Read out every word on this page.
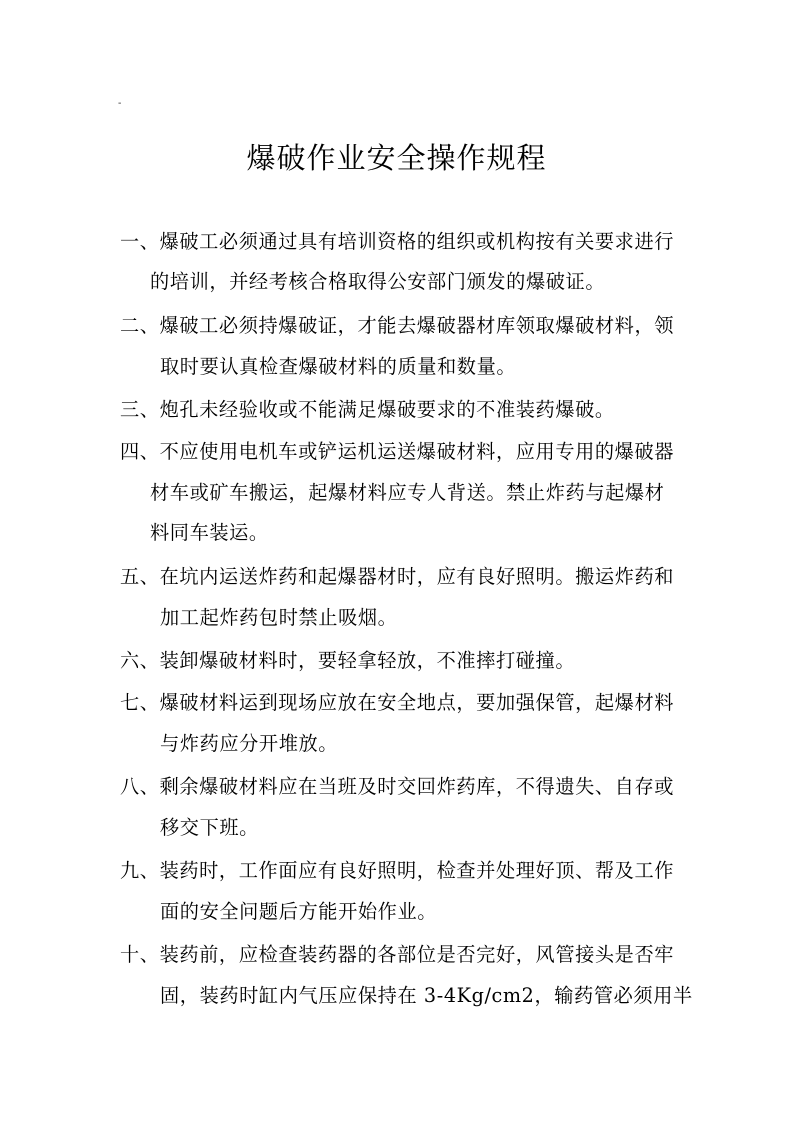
-
爆破作业安全操作规程
一、爆破工必须通过具有培训资格的组织或机构按有关要求进行
的培训，并经考核合格取得公安部门颁发的爆破证。
二、爆破工必须持爆破证，才能去爆破器材库领取爆破材料，领
取时要认真检查爆破材料的质量和数量。
三、炮孔未经验收或不能满足爆破要求的不准装药爆破。
四、不应使用电机车或铲运机运送爆破材料，应用专用的爆破器
材车或矿车搬运，起爆材料应专人背送。禁止炸药与起爆材
料同车装运。
五、在坑内运送炸药和起爆器材时，应有良好照明。搬运炸药和
加工起炸药包时禁止吸烟。
六、装卸爆破材料时，要轻拿轻放，不准摔打碰撞。
七、爆破材料运到现场应放在安全地点，要加强保管，起爆材料
与炸药应分开堆放。
八、剩余爆破材料应在当班及时交回炸药库，不得遗失、自存或
移交下班。
九、装药时，工作面应有良好照明，检查并处理好顶、帮及工作
面的安全问题后方能开始作业。
十、装药前，应检查装药器的各部位是否完好，风管接头是否牢
固，装药时缸内气压应保持在 3-4Kg/cm2，输药管必须用半
